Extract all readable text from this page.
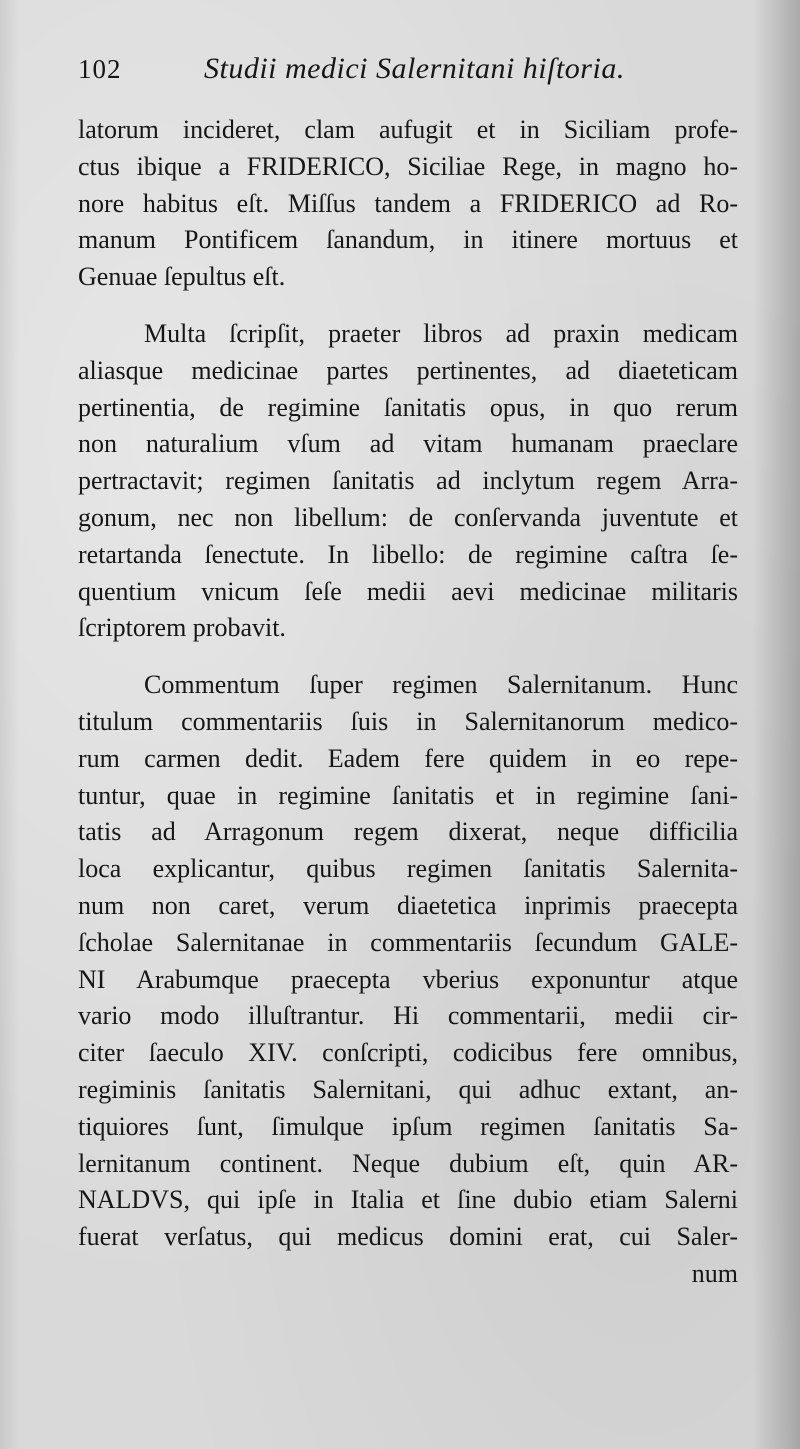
102	Studii medici Salernitani hiſtoria.
latorum incideret, clam aufugit et in Siciliam profe-
ctus ibique a FRIDERICO, Siciliae Rege, in magno ho-
nore habitus eſt. Miſſus tandem a FRIDERICO ad Ro-
manum Pontificem ſanandum, in itinere mortuus et
Genuae ſepultus eſt.
Multa ſcripſit, praeter libros ad praxin medicam
aliasque medicinae partes pertinentes, ad diaeteticam
pertinentia, de regimine ſanitatis opus, in quo rerum
non naturalium vſum ad vitam humanam praeclare
pertractavit; regimen ſanitatis ad inclytum regem Arra-
gonum, nec non libellum: de conſervanda juventute et
retartanda ſenectute. In libello: de regimine caſtra ſe-
quentium vnicum ſeſe medii aevi medicinae militaris
ſcriptorem probavit.
Commentum ſuper regimen Salernitanum. Hunc
titulum commentariis ſuis in Salernitanorum medico-
rum carmen dedit. Eadem fere quidem in eo repe-
tuntur, quae in regimine ſanitatis et in regimine ſani-
tatis ad Arragonum regem dixerat, neque difficilia
loca explicantur, quibus regimen ſanitatis Salernita-
num non caret, verum diaetetica inprimis praecepta
ſcholae Salernitanae in commentariis ſecundum GALE-
NI Arabumque praecepta vberius exponuntur atque
vario modo illuſtrantur. Hi commentarii, medii cir-
citer ſaeculo XIV. conſcripti, codicibus fere omnibus,
regiminis ſanitatis Salernitani, qui adhuc extant, an-
tiquiores ſunt, ſimulque ipſum regimen ſanitatis Sa-
lernitanum continent. Neque dubium eſt, quin AR-
NALDVS, qui ipſe in Italia et ſine dubio etiam Salerni
fuerat verſatus, qui medicus domini erat, cui Saler-
num
